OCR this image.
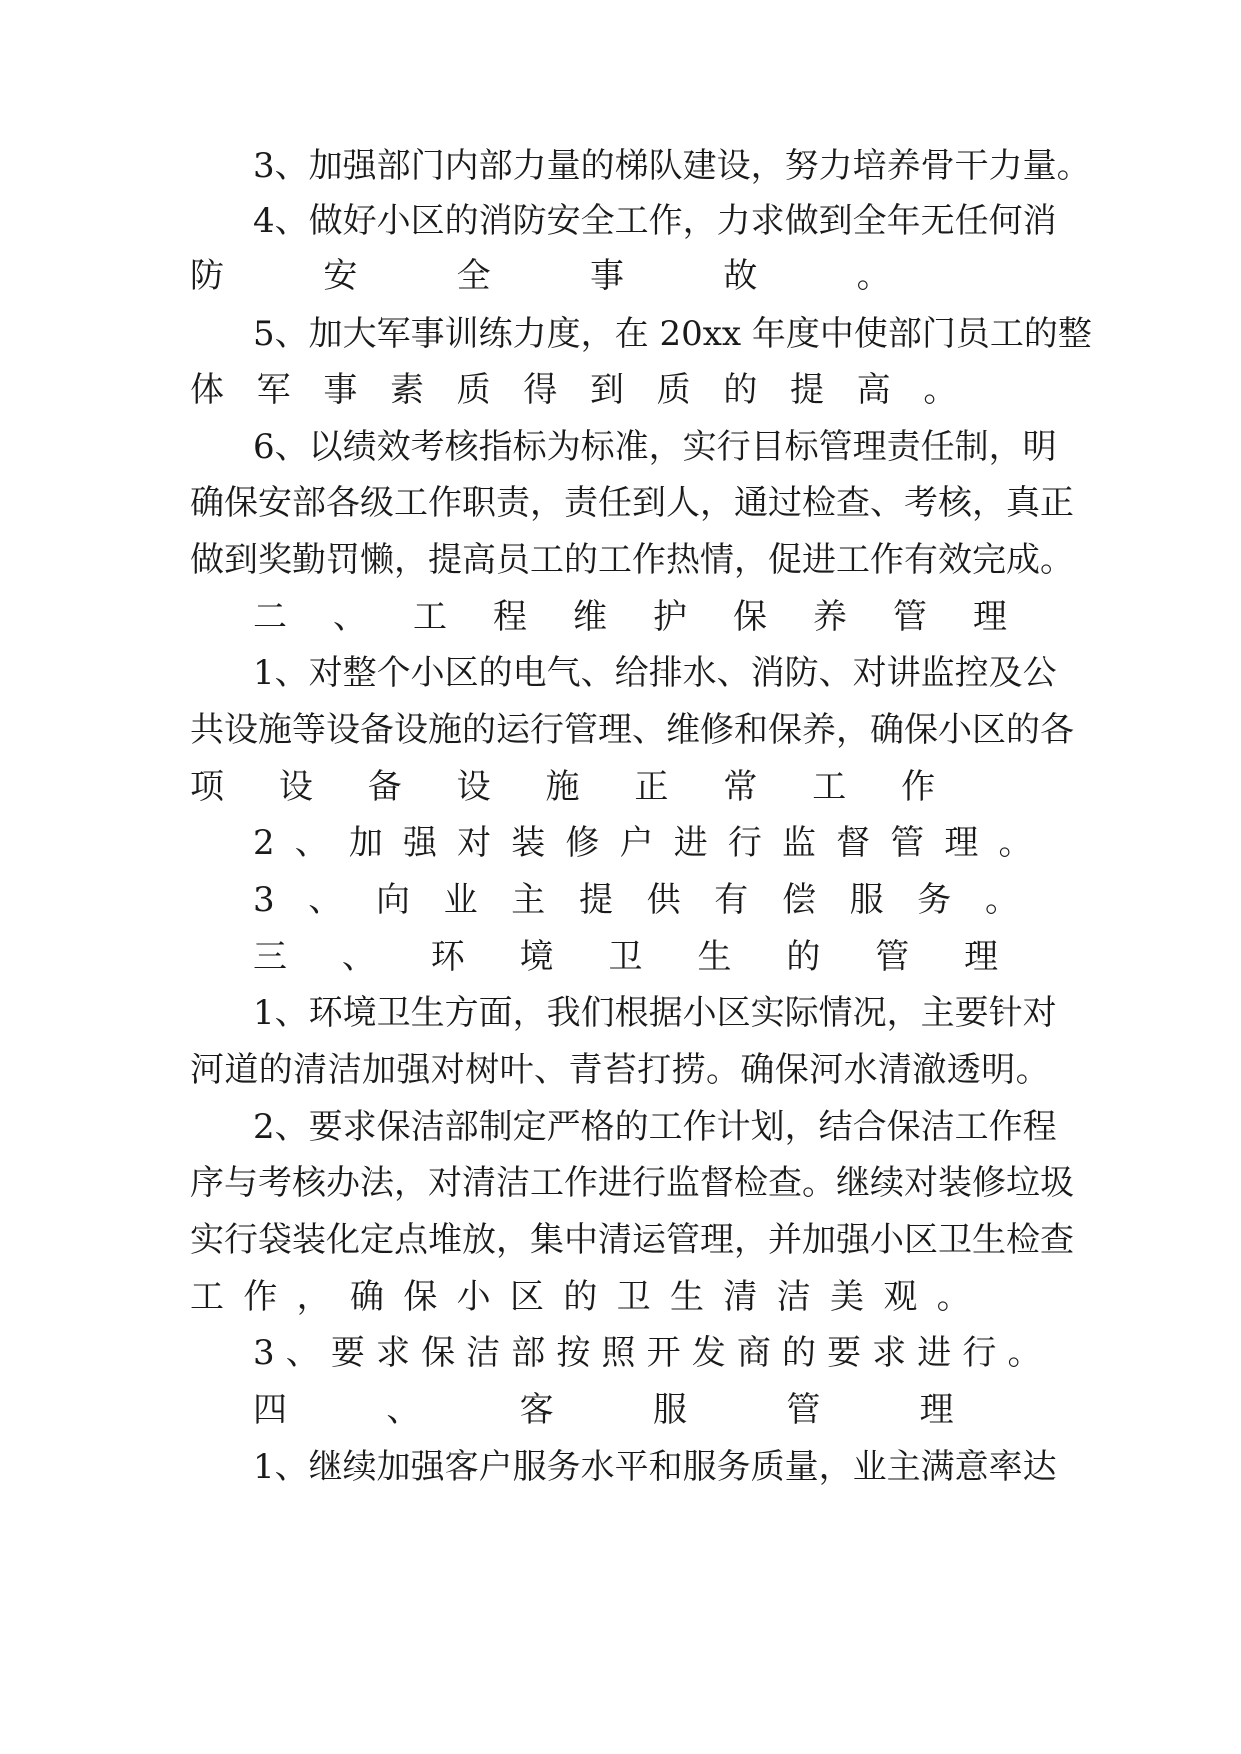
3、加强部门内部力量的梯队建设，努力培养骨干力量。
4、做好小区的消防安全工作，力求做到全年无任何消
防安全事故。
5、加大军事训练力度，在 20xx 年度中使部门员工的整
体军事素质得到质的提高。
6、以绩效考核指标为标准，实行目标管理责任制，明
确保安部各级工作职责，责任到人，通过检查、考核，真正
做到奖勤罚懒，提高员工的工作热情，促进工作有效完成。
二、工程维护保养管理
1、对整个小区的电气、给排水、消防、对讲监控及公
共设施等设备设施的运行管理、维修和保养，确保小区的各
项设备设施正常工作
2、加强对装修户进行监督管理。
3、向业主提供有偿服务。
三、环境卫生的管理
1、环境卫生方面，我们根据小区实际情况，主要针对
河道的清洁加强对树叶、青苔打捞。确保河水清澈透明。
2、要求保洁部制定严格的工作计划，结合保洁工作程
序与考核办法，对清洁工作进行监督检查。继续对装修垃圾
实行袋装化定点堆放，集中清运管理，并加强小区卫生检查
工作，确保小区的卫生清洁美观。
3、要求保洁部按照开发商的要求进行。
四、客服管理
1、继续加强客户服务水平和服务质量，业主满意率达
